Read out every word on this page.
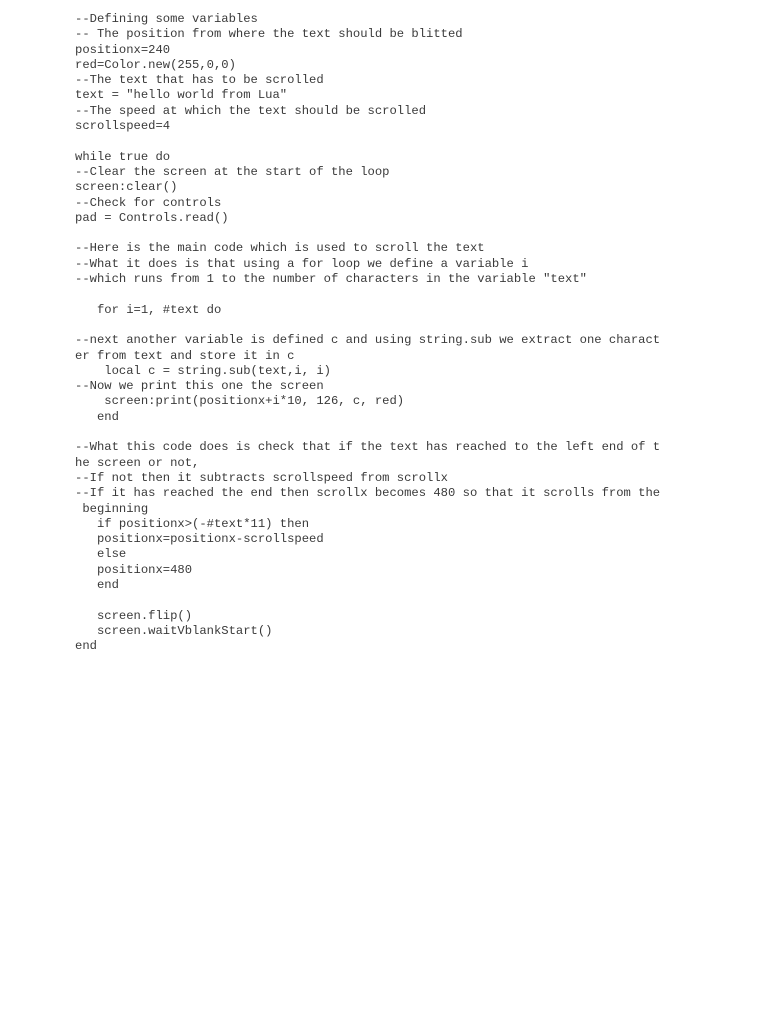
--Defining some variables
-- The position from where the text should be blitted
positionx=240
red=Color.new(255,0,0)
--The text that has to be scrolled
text = "hello world from Lua"
--The speed at which the text should be scrolled
scrollspeed=4
while true do
--Clear the screen at the start of the loop
screen:clear()
--Check for controls
pad = Controls.read()
--Here is the main code which is used to scroll the text
--What it does is that using a for loop we define a variable i
--which runs from 1 to the number of characters in the variable "text"
for i=1, #text do
--next another variable is defined c and using string.sub we extract one charact
er from text and store it in c
local c = string.sub(text,i, i)
--Now we print this one the screen
screen:print(positionx+i*10, 126, c, red)
end
--What this code does is check that if the text has reached to the left end of t
he screen or not,
--If not then it subtracts scrollspeed from scrollx
--If it has reached the end then scrollx becomes 480 so that it scrolls from the
beginning
if positionx>(-#text*11) then
positionx=positionx-scrollspeed
else
positionx=480
end
screen.flip()
screen.waitVblankStart()
end
